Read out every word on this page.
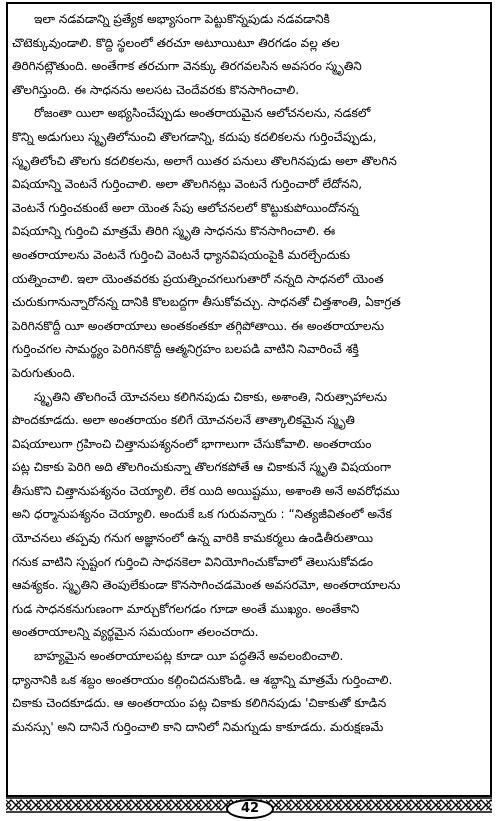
ఇలా నడవడాన్ని ప్రత్యేక అభ్యాసంగా పెట్టుకొన్నపుడు నడవడానికి
చొటెక్కువుండాలి. కొద్ది స్థలంలో తరచూ అటూయిటూ తిరగడం వల్ల తల
తిరిగినట్లౌతుంది. అంతేగాక తరచుగా వెనక్కు తిరగవలసిన అవసరం స్మృతిని
తొలగిస్తుంది. ఈ సాధనను అలసట చెందేవరకు కొనసాగించాలి.

రోజంతా యిలా అభ్యసించేప్పుడు అంతరాయమైన ఆలోచనలను, నడకలో
కొన్ని అడుగులు స్మృతిలోనుంచి తొలగడాన్ని, కదుపు కదలికలను గుర్తించేప్పుడు,
స్మృతిలోంచి తొలగు కదలికలను, అలాగే యితర పనులు తొలగినపుడు అలా తొలగిన
విషయాన్ని వెంటనే గుర్తించాలి. అలా తొలగినట్లు వెంటనే గుర్తించారో లేదోనని,
వెంటనే గుర్తించకుంటే అలా యెంత సేపు ఆలోచనలలో కొట్టుకుపోయిందోనన్న
విషయాన్ని గుర్తించి మాత్రమే తిరిగి స్మృతి సాధనను కొనసాగించాలి. ఈ
అంతరాయాలను వెంటనే గుర్తించి వెంటనే ధ్యానవిషయంపైకి మరల్చేందుకు
యత్నించాలి. ఇలా యెంతవరకు ప్రయత్నించగలుగుతారో నన్నది సాధనలో యెంత
చురుకుగానున్నారోనన్న దానికి కొలబద్దగా తీసుకోవచ్చు. సాధనతో చిత్తశాంతి, ఏకాగ్రత
పెరిగినకొద్దీ యీ అంతరాయాలు అంతకంతకూ తగ్గిపోతాయి. ఈ అంతరాయాలను
గుర్తించగల సామర్థ్యం పెరిగినకొద్దీ ఆత్మనిగ్రహం బలపడి వాటిని నివారించే శక్తి
పెరుగుతుంది.

స్మృతిని తొలగించే యోచనలు కలిగినపుడు చికాకు, అశాంతి, నిరుత్సాహాలను
పొందకూడదు. అలా అంతరాయం కలిగే యోచనలనే తాత్కాలికమైన స్మృతి
విషయాలుగా గ్రహించి చిత్తానుపశ్యనంలో భాగాలుగా చేసుకోవాలి. అంతరాయం
పట్ల చికాకు పెరిగి అది తొలగించుకున్నా తొలగకపోతే ఆ చికాకునే స్మృతి విషయంగా
తీసుకొని చిత్తానుపశ్యనం చెయ్యాలి. లేక యిది అయిష్టము, అశాంతి అనే అవరోధము
అని ధర్మానుపశ్యనం చెయ్యాలి. అందుకే ఒక గురువన్నారు : “నిత్యజీవితంలో అనేక
యోచనలు తప్పవు గనుగ అజ్ఞానంలో ఉన్న వారికి కామకర్మలు ఉండితీరుతాయి
గనుక వాటిని స్పష్టంగ గుర్తించి సాధనకెలా వినియోగించుకోవాలో తెలుసుకోవడం
ఆవశ్యకం. స్మృతిని తెంపులేకుండా కొనసాగించడమెంత అవసరమో, అంతరాయాలను
గుడ సాధనకనుగుణంగా మార్చుకోగలగడం గూడా అంతే ముఖ్యం. అంతేకాని
అంతరాయాలన్ని వ్యర్థమైన సమయంగా తలంచరాదు.

బాహ్యమైన అంతరాయాలపట్ల కూడా యీ పద్ధతినే అవలంబించాలి.
ధ్యానానికి ఒక శబ్దం అంతరాయం కల్గించిదనుకొండి. ఆ శబ్దాన్ని మాత్రమే గుర్తించాలి.
చికాకు చెందకూడదు. ఆ అంతరాయం పట్ల చికాకు కలిగినపుడు 'చికాకుతో కూడిన
మనస్సు' అని దానినే గుర్తించాలి కాని దానిలో నిమగ్నుడు కాకూడదు. మరుక్షణమే

42
